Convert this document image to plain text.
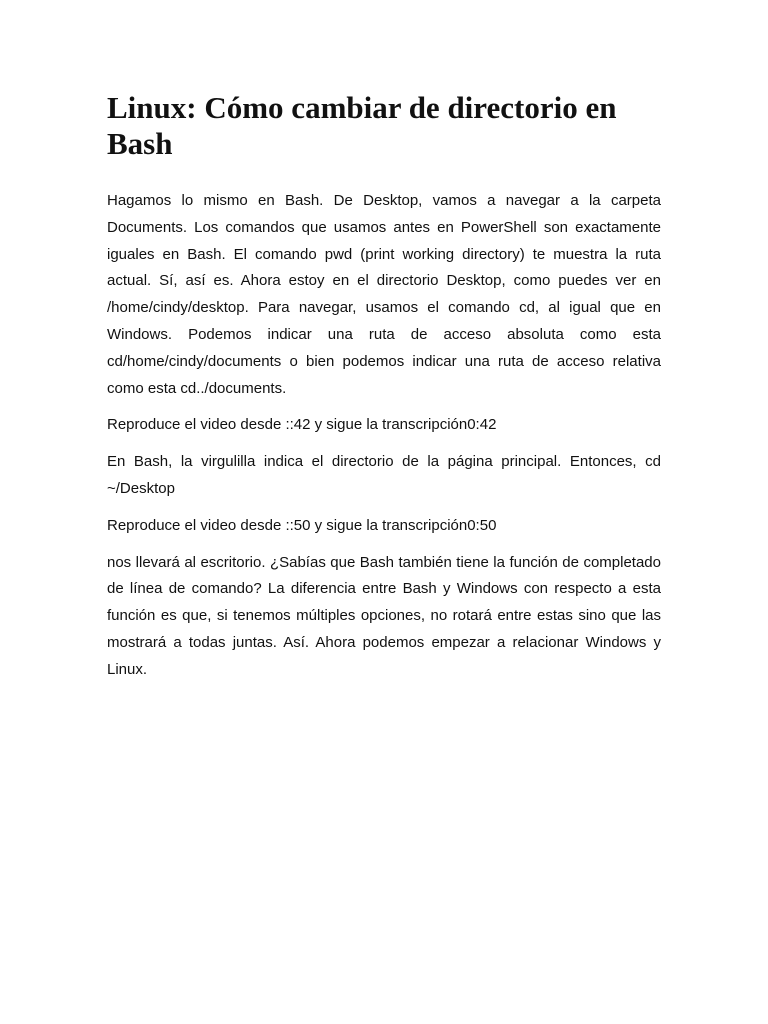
Linux: Cómo cambiar de directorio en Bash

Hagamos lo mismo en Bash. De Desktop, vamos a navegar a la carpeta Documents. Los comandos que usamos antes en PowerShell son exactamente iguales en Bash. El comando pwd (print working directory) te muestra la ruta actual. Sí, así es. Ahora estoy en el directorio Desktop, como puedes ver en /home/cindy/desktop. Para navegar, usamos el comando cd, al igual que en Windows. Podemos indicar una ruta de acceso absoluta como esta cd/home/cindy/documents o bien podemos indicar una ruta de acceso relativa como esta cd../documents.

Reproduce el video desde ::42 y sigue la transcripción0:42

En Bash, la virgulilla indica el directorio de la página principal. Entonces, cd ~/Desktop

Reproduce el video desde ::50 y sigue la transcripción0:50

nos llevará al escritorio. ¿Sabías que Bash también tiene la función de completado de línea de comando? La diferencia entre Bash y Windows con respecto a esta función es que, si tenemos múltiples opciones, no rotará entre estas sino que las mostrará a todas juntas. Así. Ahora podemos empezar a relacionar Windows y Linux.
